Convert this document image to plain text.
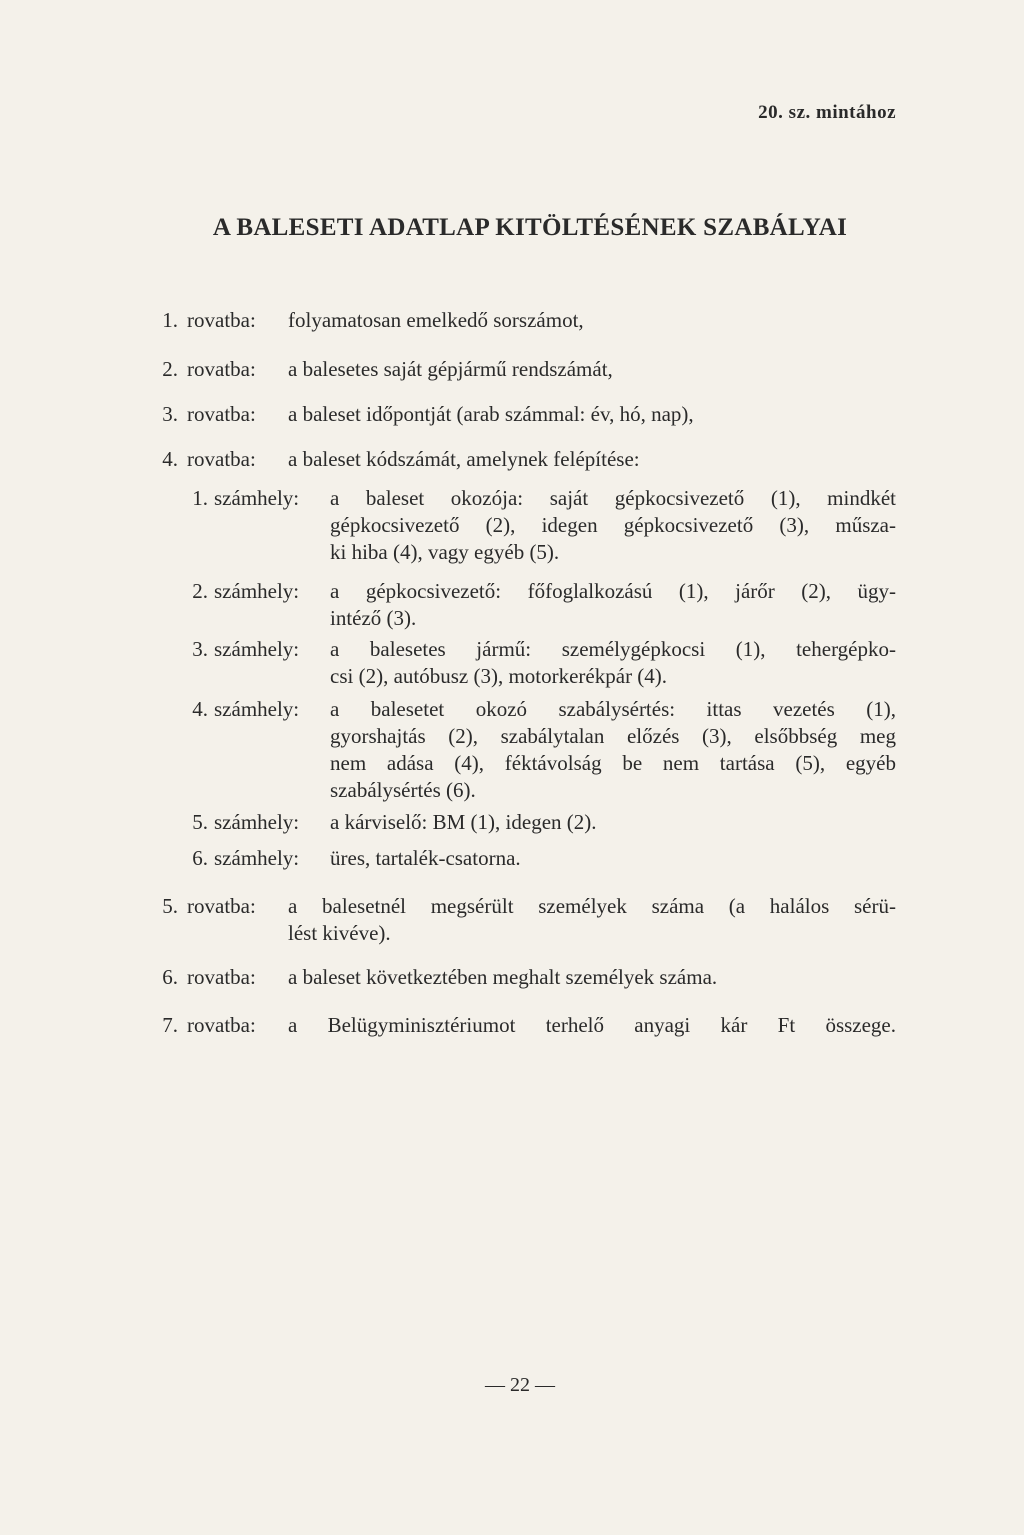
20. sz. mintához
A BALESETI ADATLAP KITÖLTÉSÉNEK SZABÁLYAI
1. rovatba: folyamatosan emelkedő sorszámot,
2. rovatba: a balesetes saját gépjármű rendszámát,
3. rovatba: a baleset időpontját (arab számmal: év, hó, nap),
4. rovatba: a baleset kódszámát, amelynek felépítése:
1. számhely: a baleset okozója: saját gépkocsivezető (1), mindkét
gépkocsivezető (2), idegen gépkocsivezető (3), műsza-
ki hiba (4), vagy egyéb (5).
2. számhely: a gépkocsivezető: főfoglalkozású (1), járőr (2), ügy-
intéző (3).
3. számhely: a balesetes jármű: személygépkocsi (1), tehergépko-
csi (2), autóbusz (3), motorkerékpár (4).
4. számhely: a balesetet okozó szabálysértés: ittas vezetés (1),
gyorshajtás (2), szabálytalan előzés (3), elsőbbség meg
nem adása (4), féktávolság be nem tartása (5), egyéb
szabálysértés (6).
5. számhely: a kárviselő: BM (1), idegen (2).
6. számhely: üres, tartalék-csatorna.
5. rovatba: a balesetnél megsérült személyek száma (a halálos sérü-
lést kivéve).
6. rovatba: a baleset következtében meghalt személyek száma.
7. rovatba: a Belügyminisztériumot terhelő anyagi kár Ft összege.
— 22 —
